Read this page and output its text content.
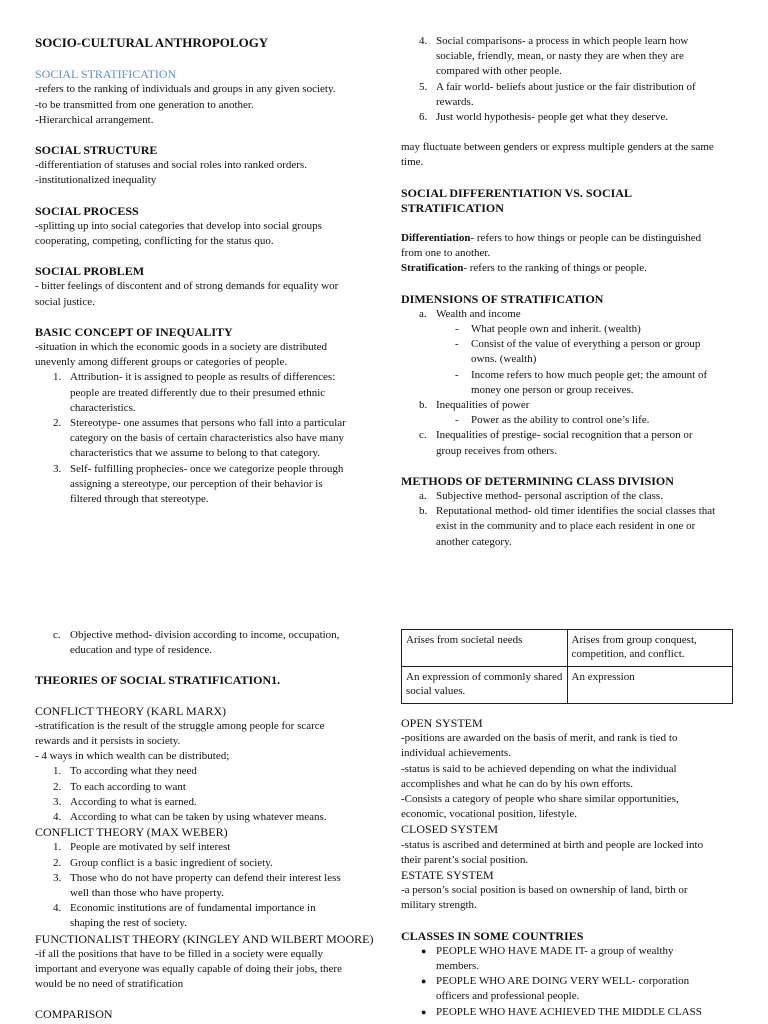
SOCIO-CULTURAL ANTHROPOLOGY

SOCIAL STRATIFICATION

-refers to the ranking of individuals and groups in any given society.

-to be transmitted from one generation to another.

-Hierarchical arrangement.

SOCIAL STRUCTURE

-differentiation of statuses and social roles into ranked orders.

-institutionalized inequality

SOCIAL PROCESS

-splitting up into social categories that develop into social groups

cooperating, competing, conflicting for the status quo.

SOCIAL PROBLEM

- bitter feelings of discontent and of strong demands for equality wor

social justice.

BASIC CONCEPT OF INEQUALITY

-situation in which the economic goods in a society are distributed

unevenly among different groups or categories of people.

1. Attribution- it is assigned to people as results of differences:
people are treated differently due to their presumed ethnic
characteristics.
2. Stereotype- one assumes that persons who fall into a particular
category on the basis of certain characteristics also have many
characteristics that we assume to belong to that category.
3. Self- fulfilling prophecies- once we categorize people through
assigning a stereotype, our perception of their behavior is
filtered through that stereotype.
4. Social comparisons- a process in which people learn how
sociable, friendly, mean, or nasty they are when they are
compared with other people.
5. A fair world- beliefs about justice or the fair distribution of
rewards.
6. Just world hypothesis- people get what they deserve.

may fluctuate between genders or express multiple genders at the same

time.

SOCIAL DIFFERENTIATION VS. SOCIAL STRATIFICATION

Differentiation- refers to how things or people can be distinguished

from one to another.

Stratification- refers to the ranking of things or people.

DIMENSIONS OF STRATIFICATION

a. Wealth and income
- What people own and inherit. (wealth)
- Consist of the value of everything a person or group
owns. (wealth)
- Income refers to how much people get; the amount of
money one person or group receives.
b. Inequalities of power
- Power as the ability to control one’s life.
c. Inequalities of prestige- social recognition that a person or
group receives from others.

METHODS OF DETERMINING CLASS DIVISION

a. Subjective method- personal ascription of the class.
b. Reputational method- old timer identifies the social classes that
exist in the community and to place each resident in one or
another category.
c. Objective method- division according to income, occupation,
education and type of residence.

THEORIES OF SOCIAL STRATIFICATION1.

CONFLICT THEORY (KARL MARX)

-stratification is the result of the struggle among people for scarce

rewards and it persists in society.

- 4 ways in which wealth can be distributed;

1. To according what they need
2. To each according to want
3. According to what is earned.
4. According to what can be taken by using whatever means.

CONFLICT THEORY (MAX WEBER)

1. People are motivated by self interest
2. Group conflict is a basic ingredient of society.
3. Those who do not have property can defend their interest less
well than those who have property.
4. Economic institutions are of fundamental importance in
shaping the rest of society.

FUNCTIONALIST THEORY (KINGLEY AND WILBERT MOORE)

-if all the positions that have to be filled in a society were equally

important and everyone was equally capable of doing their jobs, there

would be no need of stratification

COMPARISON

Arises from societal needs	Arises from group conquest, competition, and conflict.
An expression of commonly shared social values.	An expression

OPEN SYSTEM

-positions are awarded on the basis of merit, and rank is tied to

individual achievements.

-status is said to be achieved depending on what the individual

accomplishes and what he can do by his own efforts.

-Consists a category of people who share similar opportunities,

economic, vocational position, lifestyle.

CLOSED SYSTEM

-status is ascribed and determined at birth and people are locked into

their parent’s social position.

ESTATE SYSTEM

-a person’s social position is based on ownership of land, birth or

military strength.

CLASSES IN SOME COUNTRIES

● PEOPLE WHO HAVE MADE IT- a group of wealthy
members.
● PEOPLE WHO ARE DOING VERY WELL- corporation
officers and professional people.
● PEOPLE WHO HAVE ACHIEVED THE MIDDLE CLASS
